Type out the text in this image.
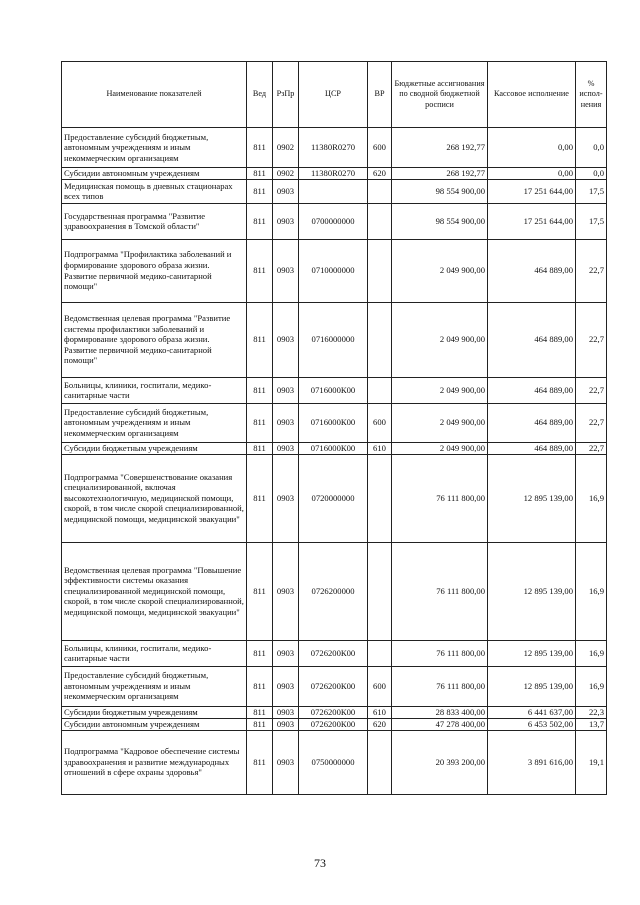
Наименование показателей	Вед	РзПр	ЦСР	ВР	Бюджетные ассигнования по сводной бюджетной росписи	Кассовое исполнение	% испол-нения
Предоставление субсидий бюджетным, автономным учреждениям и иным некоммерческим организациям	811	0902	11380R0270	600	268 192,77	0,00	0,0
Субсидии автономным учреждениям	811	0902	11380R0270	620	268 192,77	0,00	0,0
Медицинская помощь в дневных стационарах всех типов	811	0903			98 554 900,00	17 251 644,00	17,5
Государственная программа "Развитие здравоохранения в Томской области"	811	0903	0700000000		98 554 900,00	17 251 644,00	17,5
Подпрограмма "Профилактика заболеваний и формирование здорового образа жизни. Развитие первичной медико-санитарной помощи"	811	0903	0710000000		2 049 900,00	464 889,00	22,7
Ведомственная целевая программа "Развитие системы профилактики заболеваний и формирование здорового образа жизни. Развитие первичной медико-санитарной помощи"	811	0903	0716000000		2 049 900,00	464 889,00	22,7
Больницы, клиники, госпитали, медико-санитарные части	811	0903	0716000К00		2 049 900,00	464 889,00	22,7
Предоставление субсидий бюджетным, автономным учреждениям и иным некоммерческим организациям	811	0903	0716000К00	600	2 049 900,00	464 889,00	22,7
Субсидии бюджетным учреждениям	811	0903	0716000К00	610	2 049 900,00	464 889,00	22,7
Подпрограмма "Совершенствование оказания специализированной, включая высокотехнологичную, медицинской помощи, скорой, в том числе скорой специализированной, медицинской помощи, медицинской эвакуации"	811	0903	0720000000		76 111 800,00	12 895 139,00	16,9
Ведомственная целевая программа "Повышение эффективности системы оказания специализированной медицинской помощи, скорой, в том числе скорой специализированной, медицинской помощи, медицинской эвакуации"	811	0903	0726200000		76 111 800,00	12 895 139,00	16,9
Больницы, клиники, госпитали, медико-санитарные части	811	0903	0726200К00		76 111 800,00	12 895 139,00	16,9
Предоставление субсидий бюджетным, автономным учреждениям и иным некоммерческим организациям	811	0903	0726200К00	600	76 111 800,00	12 895 139,00	16,9
Субсидии бюджетным учреждениям	811	0903	0726200К00	610	28 833 400,00	6 441 637,00	22,3
Субсидии автономным учреждениям	811	0903	0726200К00	620	47 278 400,00	6 453 502,00	13,7
Подпрограмма "Кадровое обеспечение системы здравоохранения и развитие международных отношений в сфере охраны здоровья"	811	0903	0750000000		20 393 200,00	3 891 616,00	19,1
73
